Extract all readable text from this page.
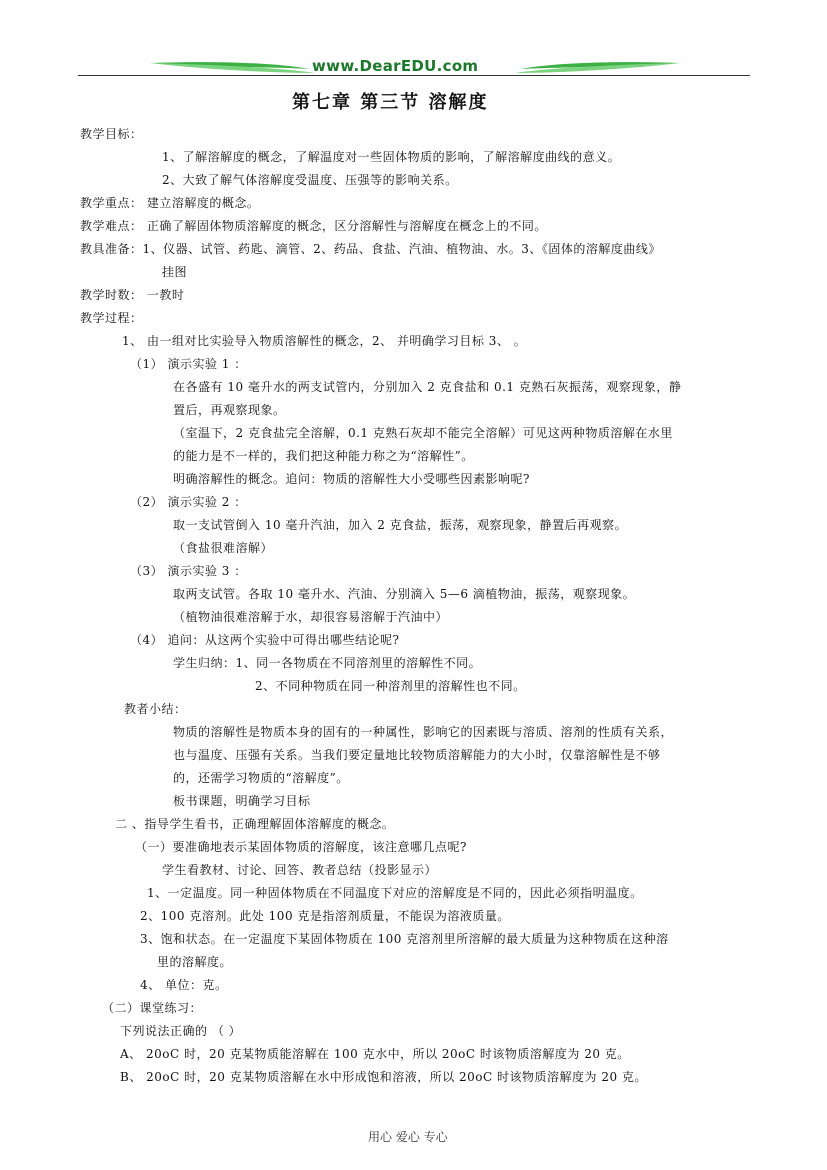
www.DearEDU.com
第七章 第三节 溶解度
教学目标：
1、了解溶解度的概念，了解温度对一些固体物质的影响，了解溶解度曲线的意义。
2、大致了解气体溶解度受温度、压强等的影响关系。
教学重点： 建立溶解度的概念。
教学难点： 正确了解固体物质溶解度的概念，区分溶解性与溶解度在概念上的不同。
教具准备：1、仪器、试管、药匙、滴管、2、药品、食盐、汽油、植物油、水。3、《固体的溶解度曲线》
挂图
教学时数： 一教时
教学过程：
1、 由一组对比实验导入物质溶解性的概念，2、 并明确学习目标 3、 。
（1） 演示实验 1 ：
在各盛有 10 毫升水的两支试管内，分别加入 2 克食盐和 0.1 克熟石灰振荡，观察现象，静
置后，再观察现象。
（室温下，2 克食盐完全溶解，0.1 克熟石灰却不能完全溶解）可见这两种物质溶解在水里
的能力是不一样的，我们把这种能力称之为“溶解性”。
明确溶解性的概念。追问：物质的溶解性大小受哪些因素影响呢?
（2） 演示实验 2 ：
取一支试管倒入 10 毫升汽油，加入 2 克食盐，振荡，观察现象，静置后再观察。
（食盐很难溶解）
（3） 演示实验 3 ：
取两支试管。各取 10 毫升水、汽油、分别滴入 5—6 滴植物油，振荡，观察现象。
（植物油很难溶解于水，却很容易溶解于汽油中）
（4） 追问：从这两个实验中可得出哪些结论呢?
学生归纳：1、同一各物质在不同溶剂里的溶解性不同。
2、不同种物质在同一种溶剂里的溶解性也不同。
教者小结：
物质的溶解性是物质本身的固有的一种属性，影响它的因素既与溶质、溶剂的性质有关系，
也与温度、压强有关系。当我们要定量地比较物质溶解能力的大小时，仅靠溶解性是不够
的，还需学习物质的“溶解度”。
板书课题，明确学习目标
二 、指导学生看书，正确理解固体溶解度的概念。
（一）要准确地表示某固体物质的溶解度，该注意哪几点呢?
学生看教材、讨论、回答、教者总结（投影显示）
1、一定温度。同一种固体物质在不同温度下对应的溶解度是不同的，因此必须指明温度。
2、100 克溶剂。此处 100 克是指溶剂质量，不能误为溶液质量。
3、饱和状态。在一定温度下某固体物质在 100 克溶剂里所溶解的最大质量为这种物质在这种溶
里的溶解度。
4、 单位：克。
（二）课堂练习：
下列说法正确的 （ ）
A、 20oC 时，20 克某物质能溶解在 100 克水中，所以 20oC 时该物质溶解度为 20 克。
B、 20oC 时，20 克某物质溶解在水中形成饱和溶液，所以 20oC 时该物质溶解度为 20 克。
用心 爱心 专心
